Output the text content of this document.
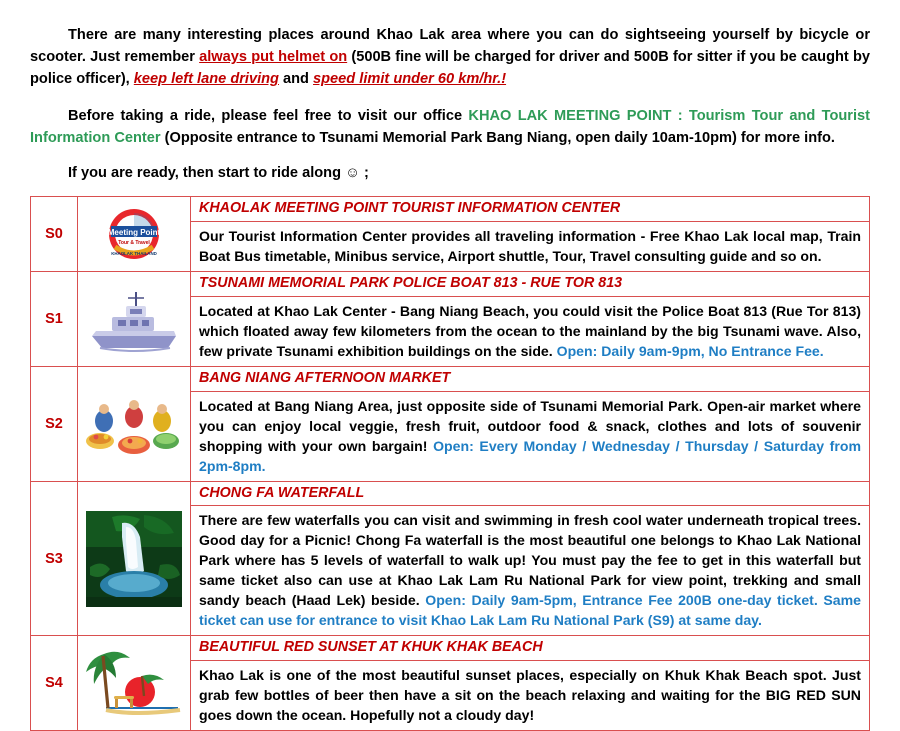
There are many interesting places around Khao Lak area where you can do sightseeing yourself by bicycle or scooter. Just remember always put helmet on (500B fine will be charged for driver and 500B for sitter if you be caught by police officer), keep left lane driving and speed limit under 60 km/hr.!

Before taking a ride, please feel free to visit our office KHAO LAK MEETING POINT : Tourism Tour and Tourist Information Center (Opposite entrance to Tsunami Memorial Park Bang Niang, open daily 10am-10pm) for more info.

If you are ready, then start to ride along ☺ ;

S0	Meeting Point
Tour & Travel
KHAOLAK THAILAND

KHAOLAK MEETING POINT TOURIST INFORMATION CENTER
Our Tourist Information Center provides all traveling information - Free Khao Lak local map, Train Boat Bus timetable, Minibus service, Airport shuttle, Tour, Travel consulting guide and so on.

S1		TSUNAMI MEMORIAL PARK POLICE BOAT 813 - RUE TOR 813
Located at Khao Lak Center - Bang Niang Beach, you could visit the Police Boat 813 (Rue Tor 813) which floated away few kilometers from the ocean to the mainland by the big Tsunami wave. Also, few private Tsunami exhibition buildings on the side. Open: Daily 9am-9pm, No Entrance Fee.

S2		BANG NIANG AFTERNOON MARKET
Located at Bang Niang Area, just opposite side of Tsunami Memorial Park. Open-air market where you can enjoy local veggie, fresh fruit, outdoor food & snack, clothes and lots of souvenir shopping with your own bargain! Open: Every Monday / Wednesday / Thursday / Saturday from 2pm-8pm.

S3		CHONG FA WATERFALL
There are few waterfalls you can visit and swimming in fresh cool water underneath tropical trees. Good day for a Picnic! Chong Fa waterfall is the most beautiful one belongs to Khao Lak National Park where has 5 levels of waterfall to walk up! You must pay the fee to get in this waterfall but same ticket also can use at Khao Lak Lam Ru National Park for view point, trekking and small sandy beach (Haad Lek) beside. Open: Daily 9am-5pm, Entrance Fee 200B one-day ticket. Same ticket can use for entrance to visit Khao Lak Lam Ru National Park (S9) at same day.

S4		BEAUTIFUL RED SUNSET AT KHUK KHAK BEACH
Khao Lak is one of the most beautiful sunset places, especially on Khuk Khak Beach spot. Just grab few bottles of beer then have a sit on the beach relaxing and waiting for the BIG RED SUN goes down the ocean. Hopefully not a cloudy day!
